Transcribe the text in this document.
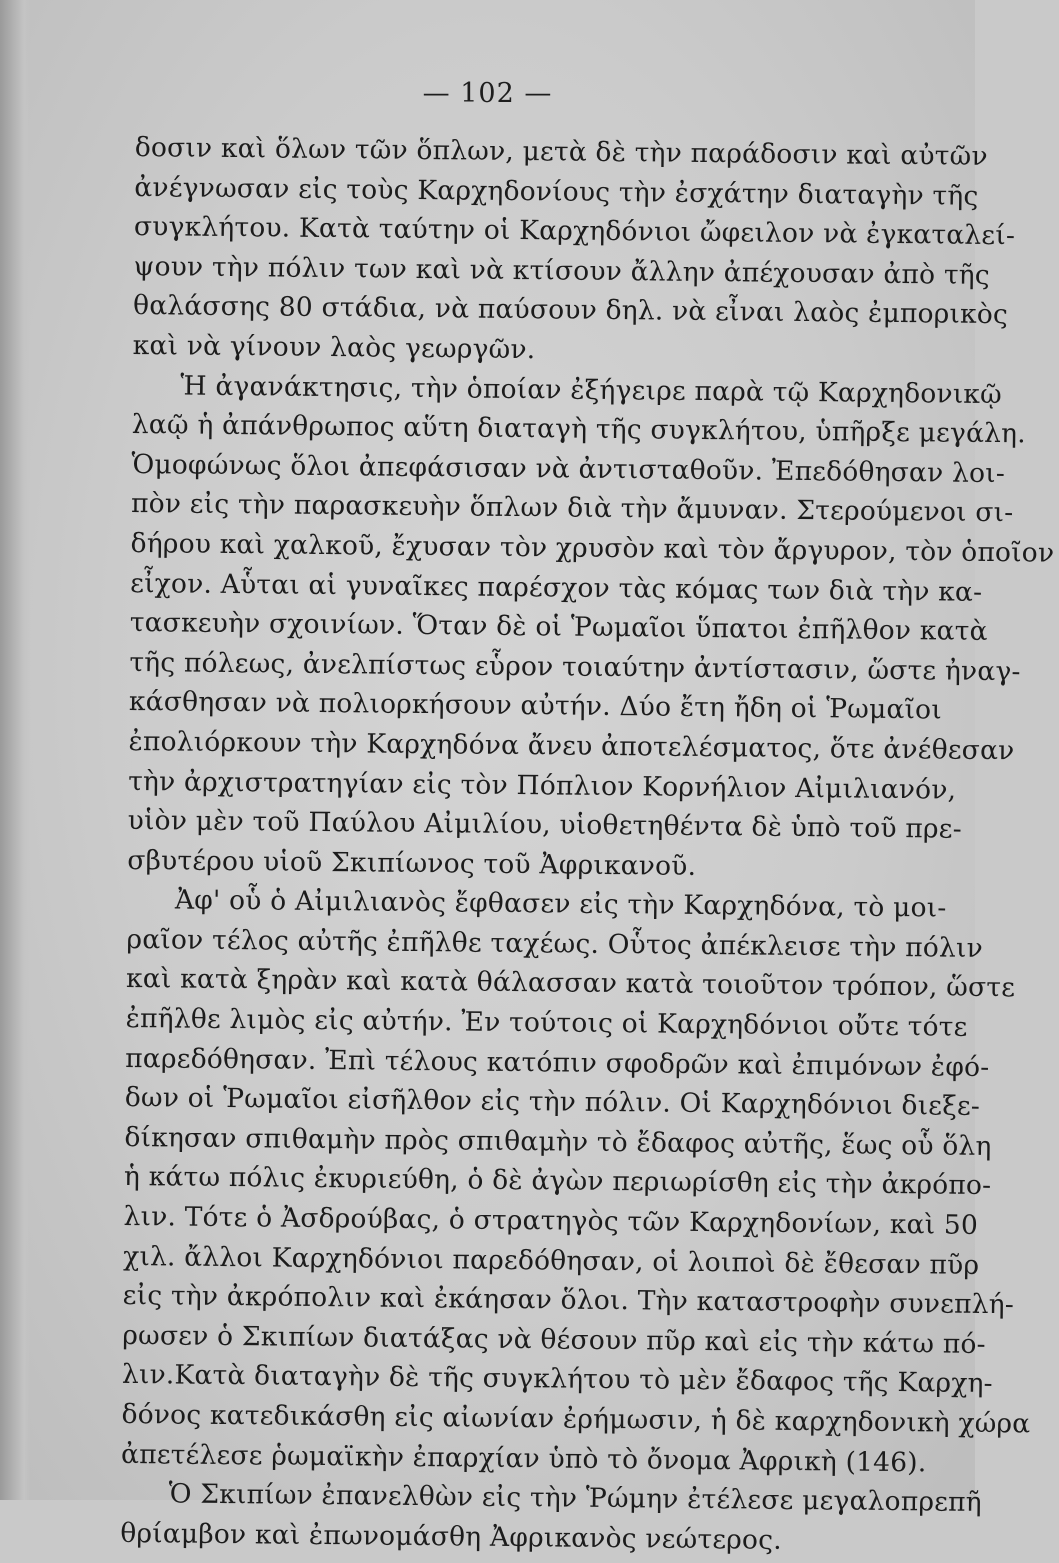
— 102 —
δοσιν καὶ ὅλων τῶν ὅπλων, μετὰ δὲ τὴν παράδοσιν καὶ αὐτῶν
ἀνέγνωσαν εἰς τοὺς Καρχηδονίους τὴν ἐσχάτην διαταγὴν τῆς
συγκλήτου. Κατὰ ταύτην οἱ Καρχηδόνιοι ὤφειλον νὰ ἐγκαταλεί-
ψουν τὴν πόλιν των καὶ νὰ κτίσουν ἄλλην ἀπέχουσαν ἀπὸ τῆς
θαλάσσης 80 στάδια, νὰ παύσουν δηλ. νὰ εἶναι λαὸς ἐμπορικὸς
καὶ νὰ γίνουν λαὸς γεωργῶν.
Ἡ ἀγανάκτησις, τὴν ὁποίαν ἐξήγειρε παρὰ τῷ Καρχηδονικῷ
λαῷ ἡ ἀπάνθρωπος αὕτη διαταγὴ τῆς συγκλήτου, ὑπῆρξε μεγάλη.
Ὁμοφώνως ὅλοι ἀπεφάσισαν νὰ ἀντισταθοῦν. Ἐπεδόθησαν λοι-
πὸν εἰς τὴν παρασκευὴν ὅπλων διὰ τὴν ἄμυναν. Στερούμενοι σι-
δήρου καὶ χαλκοῦ, ἔχυσαν τὸν χρυσὸν καὶ τὸν ἄργυρον, τὸν ὁποῖον
εἶχον. Αὗται αἱ γυναῖκες παρέσχον τὰς κόμας των διὰ τὴν κα-
τασκευὴν σχοινίων. Ὅταν δὲ οἱ Ῥωμαῖοι ὕπατοι ἐπῆλθον κατὰ
τῆς πόλεως, ἀνελπίστως εὗρον τοιαύτην ἀντίστασιν, ὥστε ἠναγ-
κάσθησαν νὰ πολιορκήσουν αὐτήν. Δύο ἔτη ἤδη οἱ Ῥωμαῖοι
ἐπολιόρκουν τὴν Καρχηδόνα ἄνευ ἀποτελέσματος, ὅτε ἀνέθεσαν
τὴν ἀρχιστρατηγίαν εἰς τὸν Πόπλιον Κορνήλιον Αἰμιλιανόν,
υἱὸν μὲν τοῦ Παύλου Αἰμιλίου, υἱοθετηθέντα δὲ ὑπὸ τοῦ πρε-
σβυτέρου υἱοῦ Σκιπίωνος τοῦ Ἀφρικανοῦ.
Ἀφ' οὗ ὁ Αἰμιλιανὸς ἔφθασεν εἰς τὴν Καρχηδόνα, τὸ μοι-
ραῖον τέλος αὐτῆς ἐπῆλθε ταχέως. Οὗτος ἀπέκλεισε τὴν πόλιν
καὶ κατὰ ξηρὰν καὶ κατὰ θάλασσαν κατὰ τοιοῦτον τρόπον, ὥστε
ἐπῆλθε λιμὸς εἰς αὐτήν. Ἐν τούτοις οἱ Καρχηδόνιοι οὔτε τότε
παρεδόθησαν. Ἐπὶ τέλους κατόπιν σφοδρῶν καὶ ἐπιμόνων ἐφό-
δων οἱ Ῥωμαῖοι εἰσῆλθον εἰς τὴν πόλιν. Οἱ Καρχηδόνιοι διεξε-
δίκησαν σπιθαμὴν πρὸς σπιθαμὴν τὸ ἔδαφος αὐτῆς, ἕως οὗ ὅλη
ἡ κάτω πόλις ἐκυριεύθη, ὁ δὲ ἀγὼν περιωρίσθη εἰς τὴν ἀκρόπο-
λιν. Τότε ὁ Ἀσδρούβας, ὁ στρατηγὸς τῶν Καρχηδονίων, καὶ 50
χιλ. ἄλλοι Καρχηδόνιοι παρεδόθησαν, οἱ λοιποὶ δὲ ἔθεσαν πῦρ
εἰς τὴν ἀκρόπολιν καὶ ἐκάησαν ὅλοι. Τὴν καταστροφὴν συνεπλή-
ρωσεν ὁ Σκιπίων διατάξας νὰ θέσουν πῦρ καὶ εἰς τὴν κάτω πό-
λιν.Κατὰ διαταγὴν δὲ τῆς συγκλήτου τὸ μὲν ἔδαφος τῆς Καρχη-
δόνος κατεδικάσθη εἰς αἰωνίαν ἐρήμωσιν, ἡ δὲ καρχηδονικὴ χώρα
ἀπετέλεσε ῥωμαϊκὴν ἐπαρχίαν ὑπὸ τὸ ὄνομα Ἀφρικὴ (146).
Ὁ Σκιπίων ἐπανελθὼν εἰς τὴν Ῥώμην ἐτέλεσε μεγαλοπρεπῆ
θρίαμβον καὶ ἐπωνομάσθη Ἀφρικανὸς νεώτερος.
